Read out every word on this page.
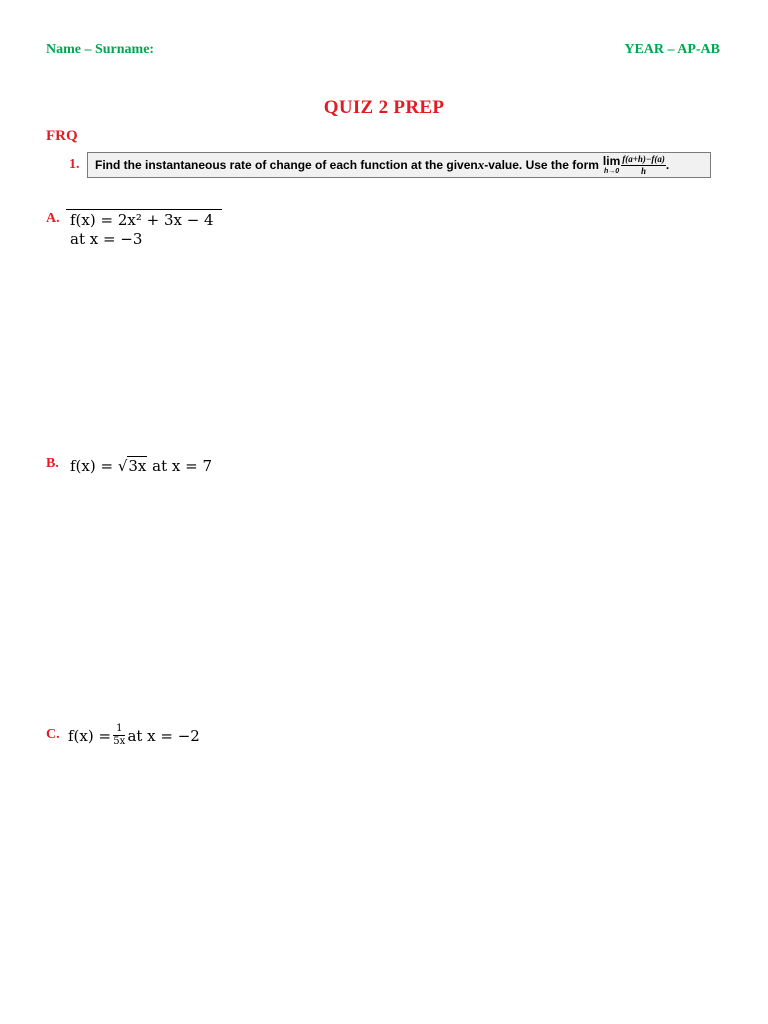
Name – Surname:	YEAR – AP-AB
QUIZ 2 PREP
FRQ
1. Find the instantaneous rate of change of each function at the given x -value. Use the form lim
$h\to 0 \frac{f(a+h)-f(a)}{h}$ .
A. f(x) = 2x² + 3x − 4
at x = −3
B. f(x) = √3x at x = 7
C. $f(x) = \frac{1}{5x}$ at x = −2
